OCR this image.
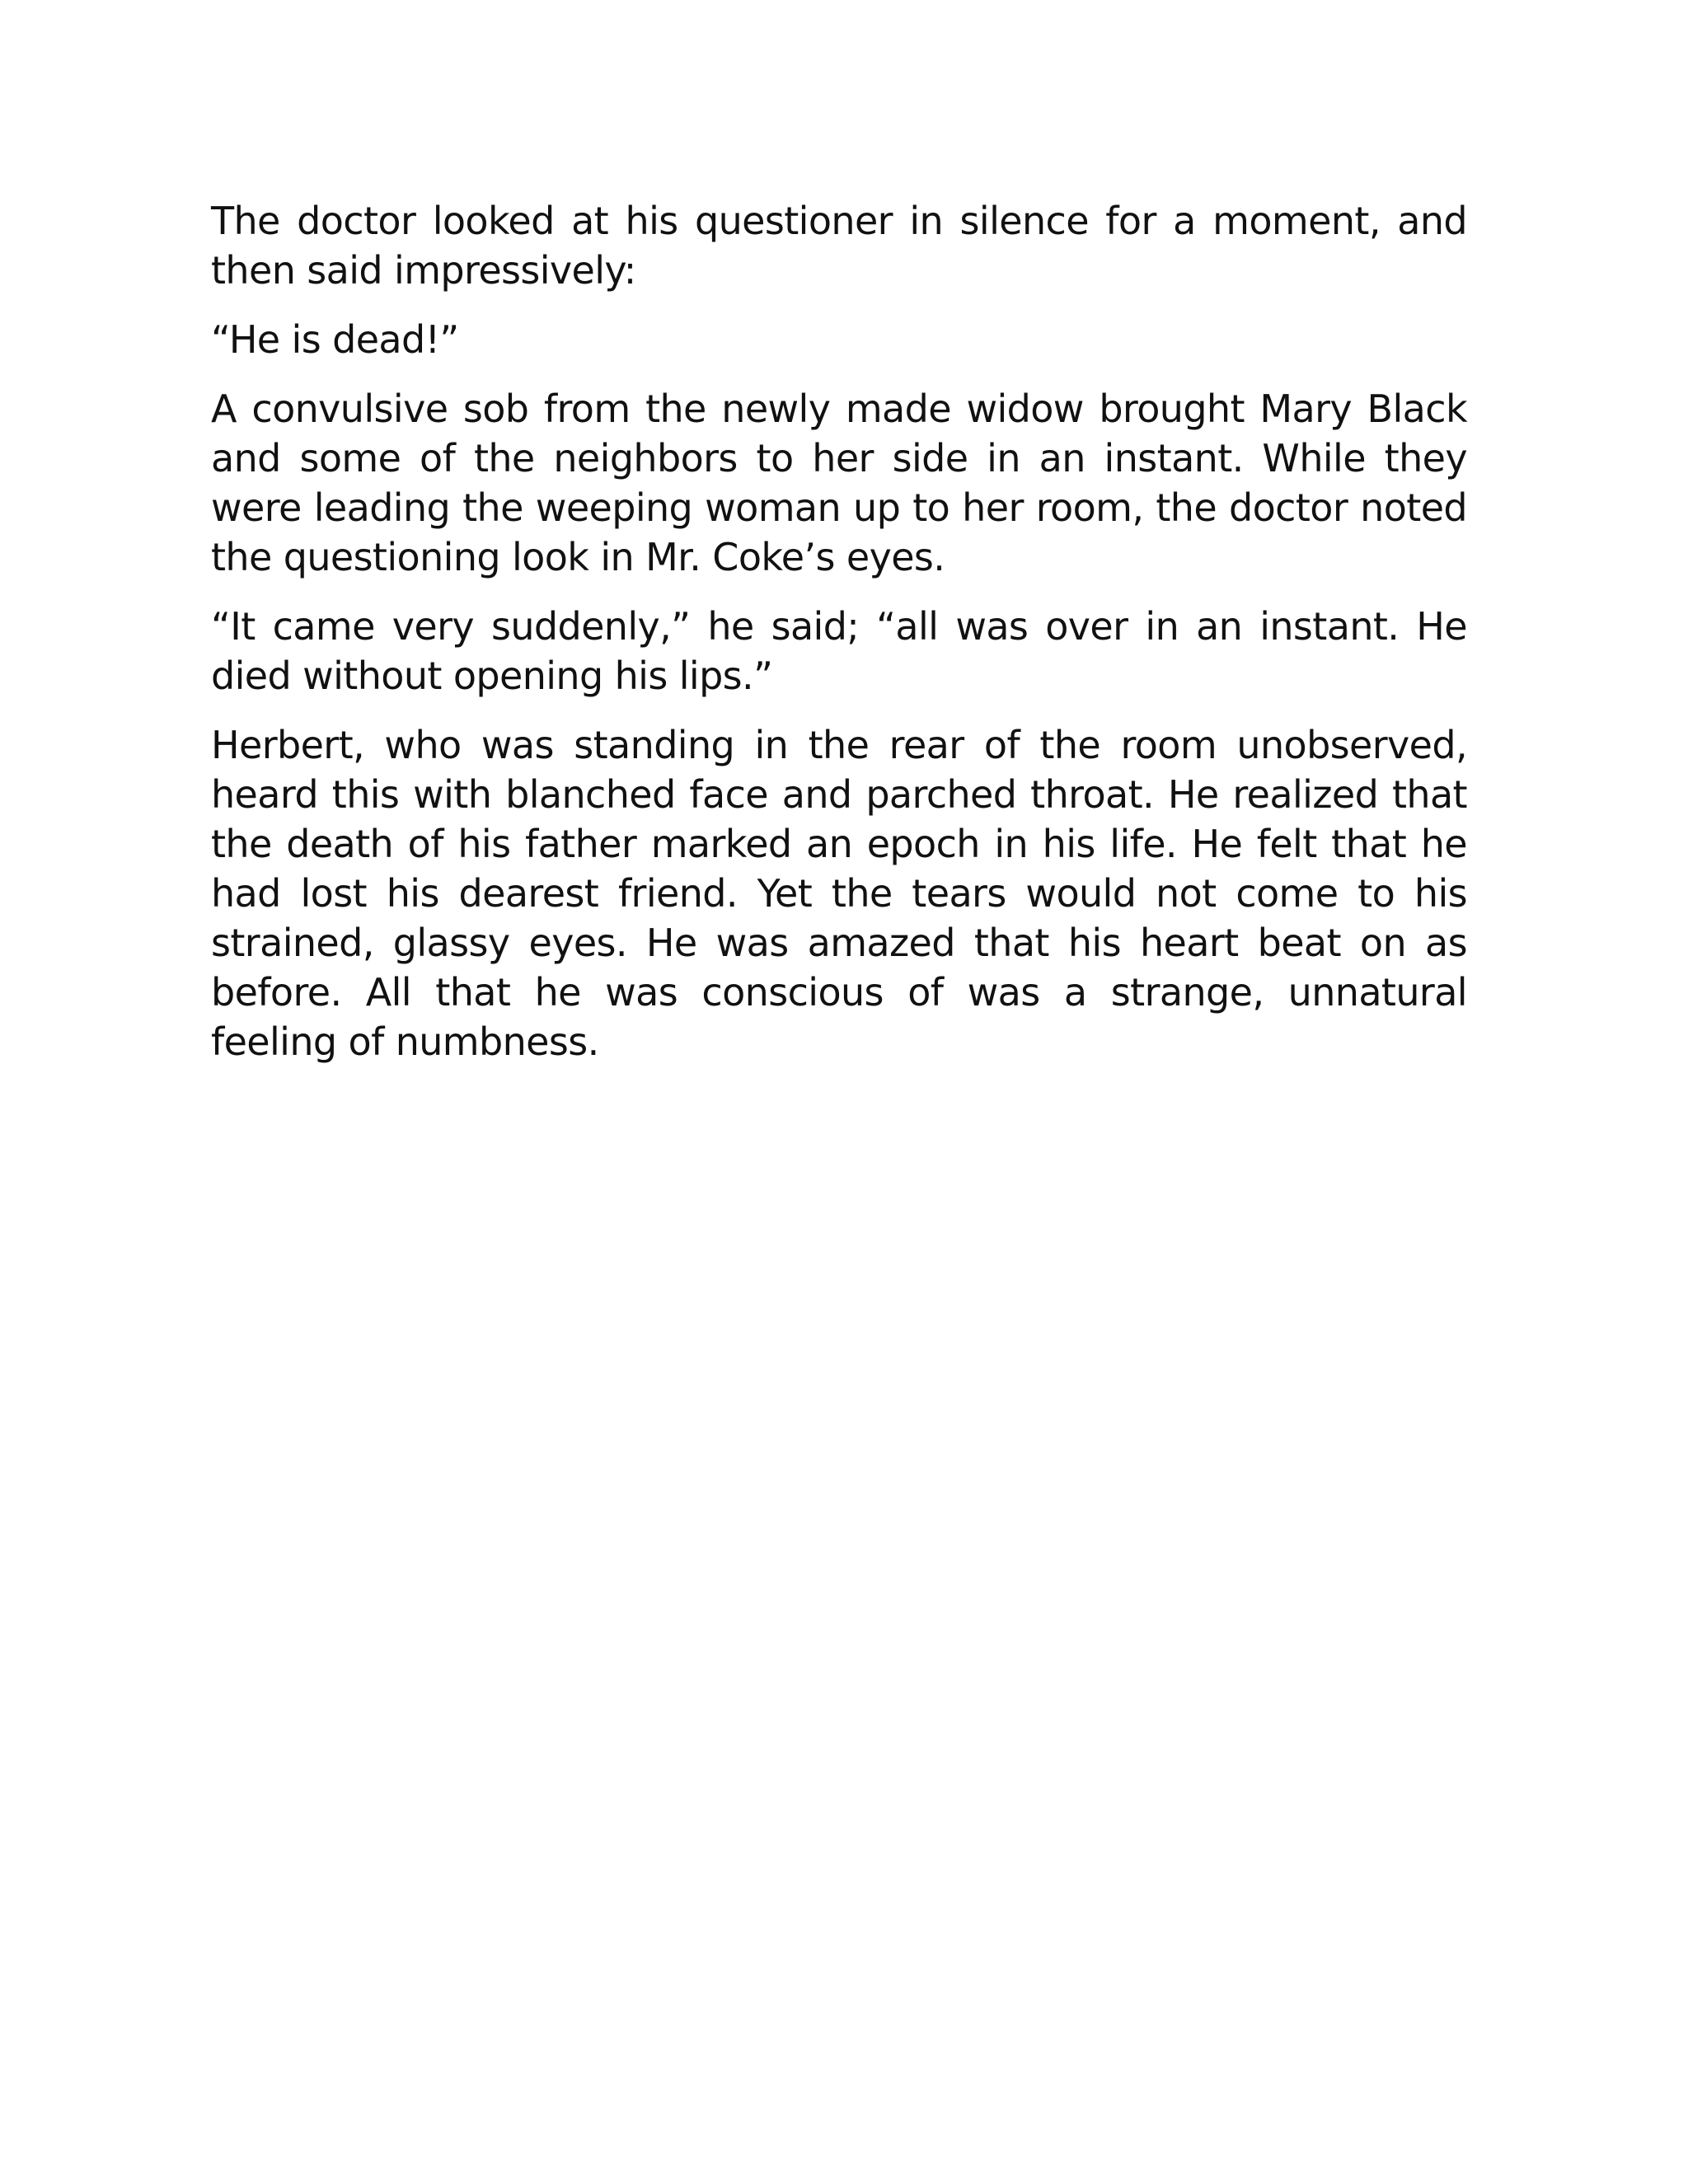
The doctor looked at his questioner in silence for a moment, and then said impressively:

“He is dead!”

A convulsive sob from the newly made widow brought Mary Black and some of the neighbors to her side in an instant. While they were leading the weeping woman up to her room, the doctor noted the questioning look in Mr. Coke’s eyes.

“It came very suddenly,” he said; “all was over in an instant. He died without opening his lips.”

Herbert, who was standing in the rear of the room unobserved, heard this with blanched face and parched throat. He realized that the death of his father marked an epoch in his life. He felt that he had lost his dearest friend. Yet the tears would not come to his strained, glassy eyes. He was amazed that his heart beat on as before. All that he was conscious of was a strange, unnatural feeling of numbness.
